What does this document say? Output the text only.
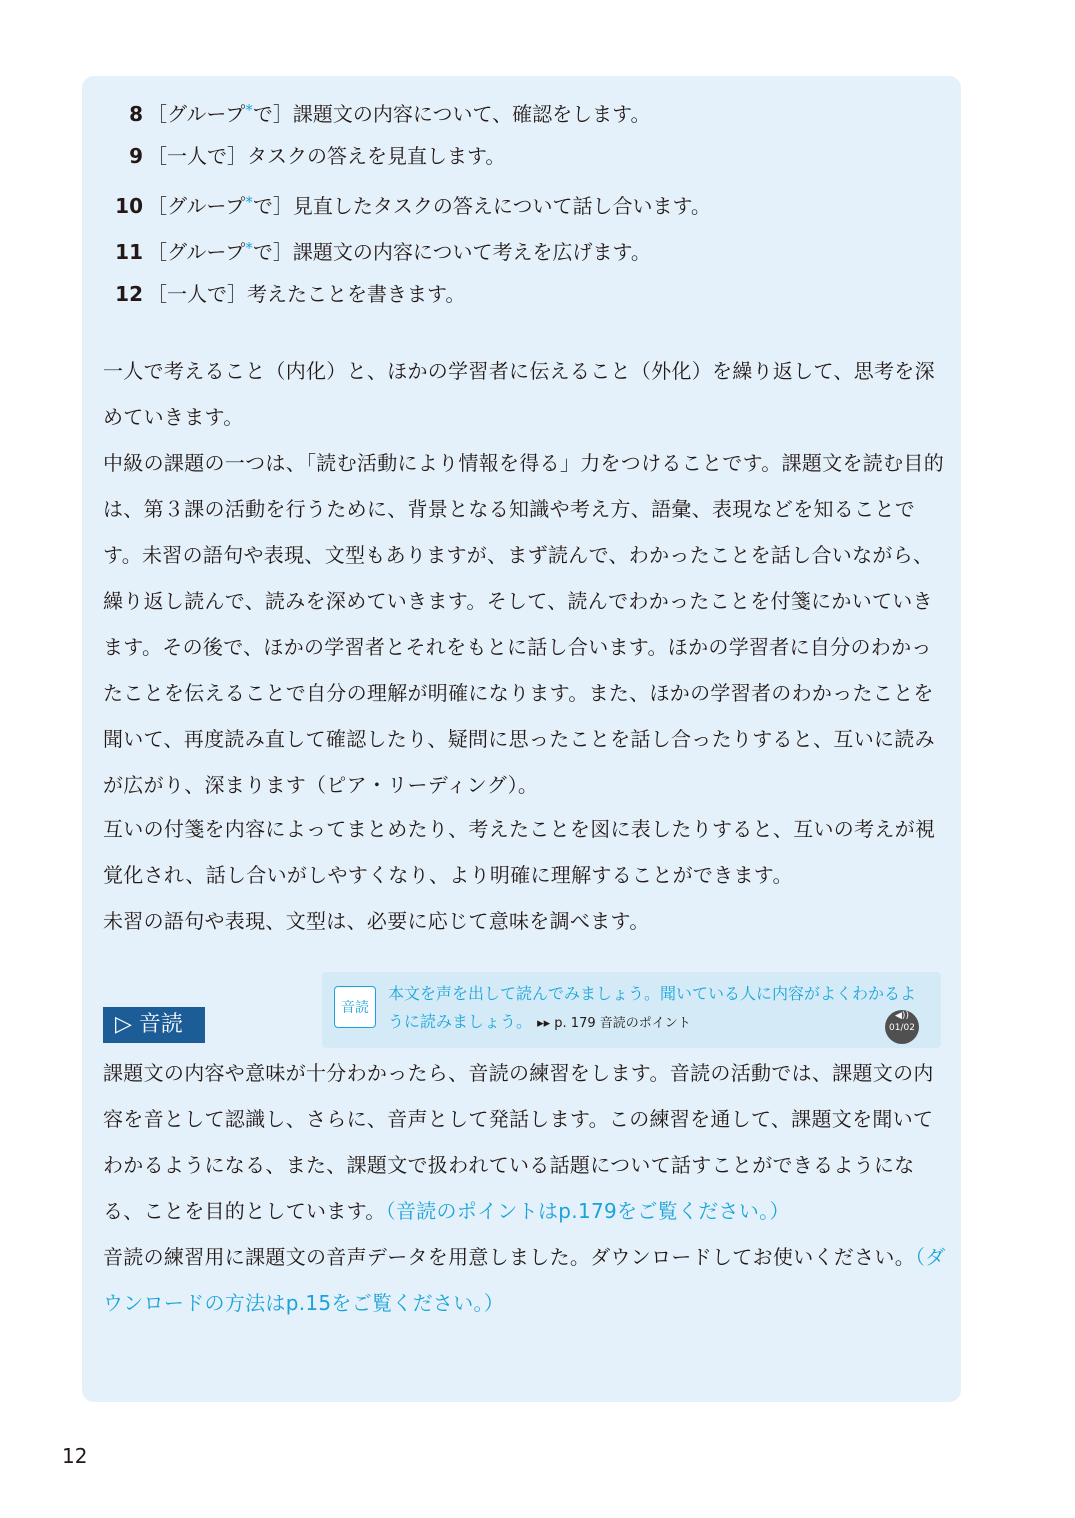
8 ［グループ*で］課題文の内容について、確認をします。
9 ［一人で］タスクの答えを見直します。
10 ［グループ*で］見直したタスクの答えについて話し合います。
11 ［グループ*で］課題文の内容について考えを広げます。
12 ［一人で］考えたことを書きます。
一人で考えること（内化）と、ほかの学習者に伝えること（外化）を繰り返して、思考を深めていきます。
中級の課題の一つは、「読む活動により情報を得る」力をつけることです。課題文を読む目的は、第３課の活動を行うために、背景となる知識や考え方、語彙、表現などを知ることです。未習の語句や表現、文型もありますが、まず読んで、わかったことを話し合いながら、繰り返し読んで、読みを深めていきます。そして、読んでわかったことを付箋にかいていきます。その後で、ほかの学習者とそれをもとに話し合います。ほかの学習者に自分のわかったことを伝えることで自分の理解が明確になります。また、ほかの学習者のわかったことを聞いて、再度読み直して確認したり、疑問に思ったことを話し合ったりすると、互いに読みが広がり、深まります（ピア・リーディング）。
互いの付箋を内容によってまとめたり、考えたことを図に表したりすると、互いの考えが視覚化され、話し合いがしやすくなり、より明確に理解することができます。
未習の語句や表現、文型は、必要に応じて意味を調べます。
音読
本文を声を出して読んでみましょう。聞いている人に内容がよくわかるように読みましょう。 ▸▸ p. 179 音読のポイント	◀))
01/02
▷ 音読
課題文の内容や意味が十分わかったら、音読の練習をします。音読の活動では、課題文の内容を音として認識し、さらに、音声として発話します。この練習を通して、課題文を聞いてわかるようになる、また、課題文で扱われている話題について話すことができるようになる、ことを目的としています。（音読のポイントはp.179をご覧ください。）
音読の練習用に課題文の音声データを用意しました。ダウンロードしてお使いください。（ダウンロードの方法はp.15をご覧ください。）
12
